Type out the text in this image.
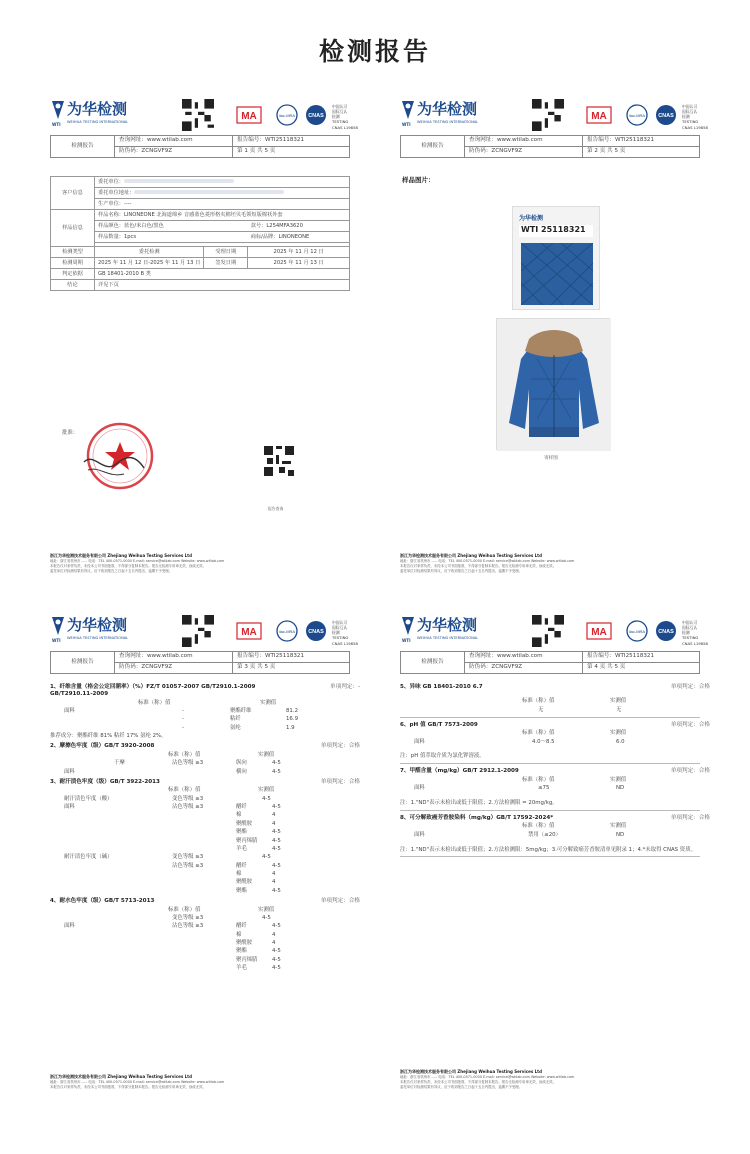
检测报告
为华检测
WEIHUA TESTING INTERNATIONAL
WTI
MA	ilac-MRA CNAS
中国认可
国际互认
检测
TESTING
CNAS L19858
检测报告	查询网址：www.wtilab.com	报告编号：WTI25118321
	防伪码：ZCNGVF9Z	第 1 页 共 5 页
客户信息	委托单位：		
	委托单位地址：		
	生产单位：----		
样品信息	样品名称：LINONEONE 北海道绵乡 音感蓝色菱形格夹棉坯贝毛领短版棉袄外套		
	样品颜色：蓝色/米白色/黑色		款号：L254MFA3620
	样品数量：1pcs		商标/品牌：LINONEONE

检测类型	委托检测	受理日期	2025 年 11 月 12 日
检测周期	2025 年 11 月 12 日-2025 年 11 月 13 日	签发日期	2025 年 11 月 13 日
判定依据	GB 18401-2010 B 类		
结论	详见下页		
批准：
报告查询
浙江为华检测技术服务有限公司 Zhejiang Weihua Testing Services Ltd
地址：浙江省杭州市…… 电话：TEL 400-0571-0000 E-mail: service@wtilab.com Website: www.wtilab.com
本报告仅对来样负责，未经本公司书面批准，不得部分复制本报告。报告无检测专用章无效，涂改无效。
委托单位对检测结果有异议，应于收到报告之日起十五日内提出，逾期不予受理。
为华检测
WEIHUA TESTING INTERNATIONAL
WTI
MA	ilac-MRA CNAS
中国认可
国际互认
检测
TESTING
CNAS L19858
检测报告	查询网址：www.wtilab.com	报告编号：WTI25118321
	防伪码：ZCNGVF9Z	第 2 页 共 5 页
样品图片：
为华检测
WTI 25118321
寄样图
浙江为华检测技术服务有限公司 Zhejiang Weihua Testing Services Ltd
地址：浙江省杭州市…… 电话：TEL 400-0571-0000 E-mail: service@wtilab.com Website: www.wtilab.com
本报告仅对来样负责，未经本公司书面批准，不得部分复制本报告。报告无检测专用章无效，涂改无效。
委托单位对检测结果有异议，应于收到报告之日起十五日内提出，逾期不予受理。
为华检测
WEIHUA TESTING INTERNATIONAL
WTI
MA	ilac-MRA CNAS
中国认可
国际互认
检测
TESTING
CNAS L19858
检测报告	查询网址：www.wtilab.com	报告编号：WTI25118321
	防伪码：ZCNGVF9Z	第 3 页 共 5 页
1、纤维含量（格会公定回潮率）（%）FZ/T 01057-2007 GB/T2910.1-2009 GB/T2910.11-2009
单项判定：-
标准（称）值	实测值
面料	-	聚酯纤维	81.2
-	粘纤	16.9
-	氨纶	1.9
推荐成分：聚酯纤维 81% 粘纤 17% 氨纶 2%。
2、摩擦色牢度（级）GB/T 3920-2008	单项判定：合格
标准（称）值	实测值
干摩	沾色等级 ≥3	纵向	4-5
面料	横向	4-5
3、耐汗渍色牢度（级）GB/T 3922-2013	单项判定：合格
标准（称）值	实测值
耐汗渍色牢度（酸）	变色等级 ≥3	4-5
面料	沾色等级 ≥3	醋纤	4-5
棉	4
聚酰胺	4
聚酯	4-5
聚丙烯腈	4-5
羊毛	4-5
耐汗渍色牢度（碱）	变色等级 ≥3	4-5
沾色等级 ≥3	醋纤	4-5
棉	4
聚酰胺	4
聚酯	4-5
4、耐水色牢度（级）GB/T 5713-2013	单项判定：合格
标准（称）值	实测值
变色等级 ≥3	4-5
面料	沾色等级 ≥3	醋纤	4-5
棉	4
聚酰胺	4
聚酯	4-5
聚丙烯腈	4-5
羊毛	4-5
浙江为华检测技术服务有限公司 Zhejiang Weihua Testing Services Ltd
地址：浙江省杭州市…… 电话：TEL 400-0571-0000 E-mail: service@wtilab.com Website: www.wtilab.com
本报告仅对来样负责，未经本公司书面批准，不得部分复制本报告。报告无检测专用章无效，涂改无效。
为华检测
WEIHUA TESTING INTERNATIONAL
WTI
MA	ilac-MRA CNAS
中国认可
国际互认
检测
TESTING
CNAS L19858
检测报告	查询网址：www.wtilab.com	报告编号：WTI25118321
	防伪码：ZCNGVF9Z	第 4 页 共 5 页
5、异味 GB 18401-2010 6.7	单项判定：合格
标准（称）值	实测值
无	无
6、pH 值 GB/T 7573-2009	单项判定：合格
标准（称）值	实测值
面料	4.0～8.5	6.0
注：pH 值萃取介质为氯化钾溶液。
7、甲醛含量（mg/kg）GB/T 2912.1-2009	单项判定：合格
标准（称）值	实测值
面料	≤75	ND
注：1."ND"表示未检出或低于限值；2.方法检测限 = 20mg/kg。
8、可分解致癌芳香胺染料（mg/kg）GB/T 17592-2024*	单项判定：合格
标准（称）值	实测值
面料	禁用（≤20）	ND
注：1."ND"表示未检出或低于限值；2.方法检测限：5mg/kg；3.可分解致癌芳香胺清单见附录 1；4.*未取得 CNAS 资质。
浙江为华检测技术服务有限公司 Zhejiang Weihua Testing Services Ltd
地址：浙江省杭州市…… 电话：TEL 400-0571-0000 E-mail: service@wtilab.com Website: www.wtilab.com
本报告仅对来样负责，未经本公司书面批准，不得部分复制本报告。报告无检测专用章无效，涂改无效。
委托单位对检测结果有异议，应于收到报告之日起十五日内提出，逾期不予受理。
